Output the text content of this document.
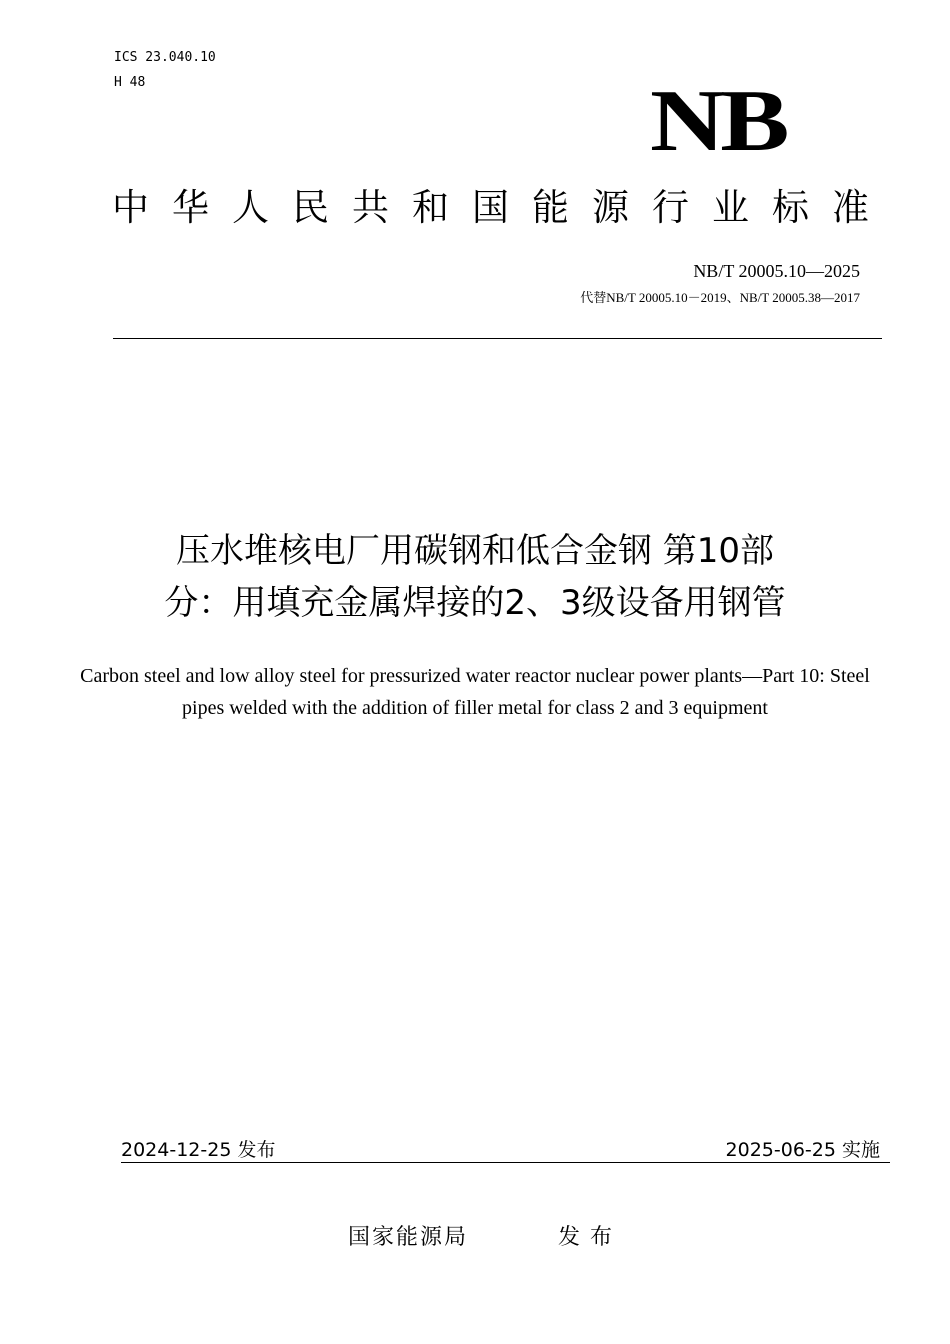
ICS 23.040.10
H 48	NB
中华人民共和国能源行业标准
NB/T 20005.10—2025
代替NB/T 20005.10－2019、NB/T 20005.38—2017
压水堆核电厂用碳钢和低合金钢 第10部
分：用填充金属焊接的2、3级设备用钢管
Carbon steel and low alloy steel for pressurized water reactor nuclear power plants—Part 10: Steel pipes welded with the addition of filler metal for class 2 and 3 equipment
2024-12-25 发布	2025-06-25 实施
国家能源局	发布
